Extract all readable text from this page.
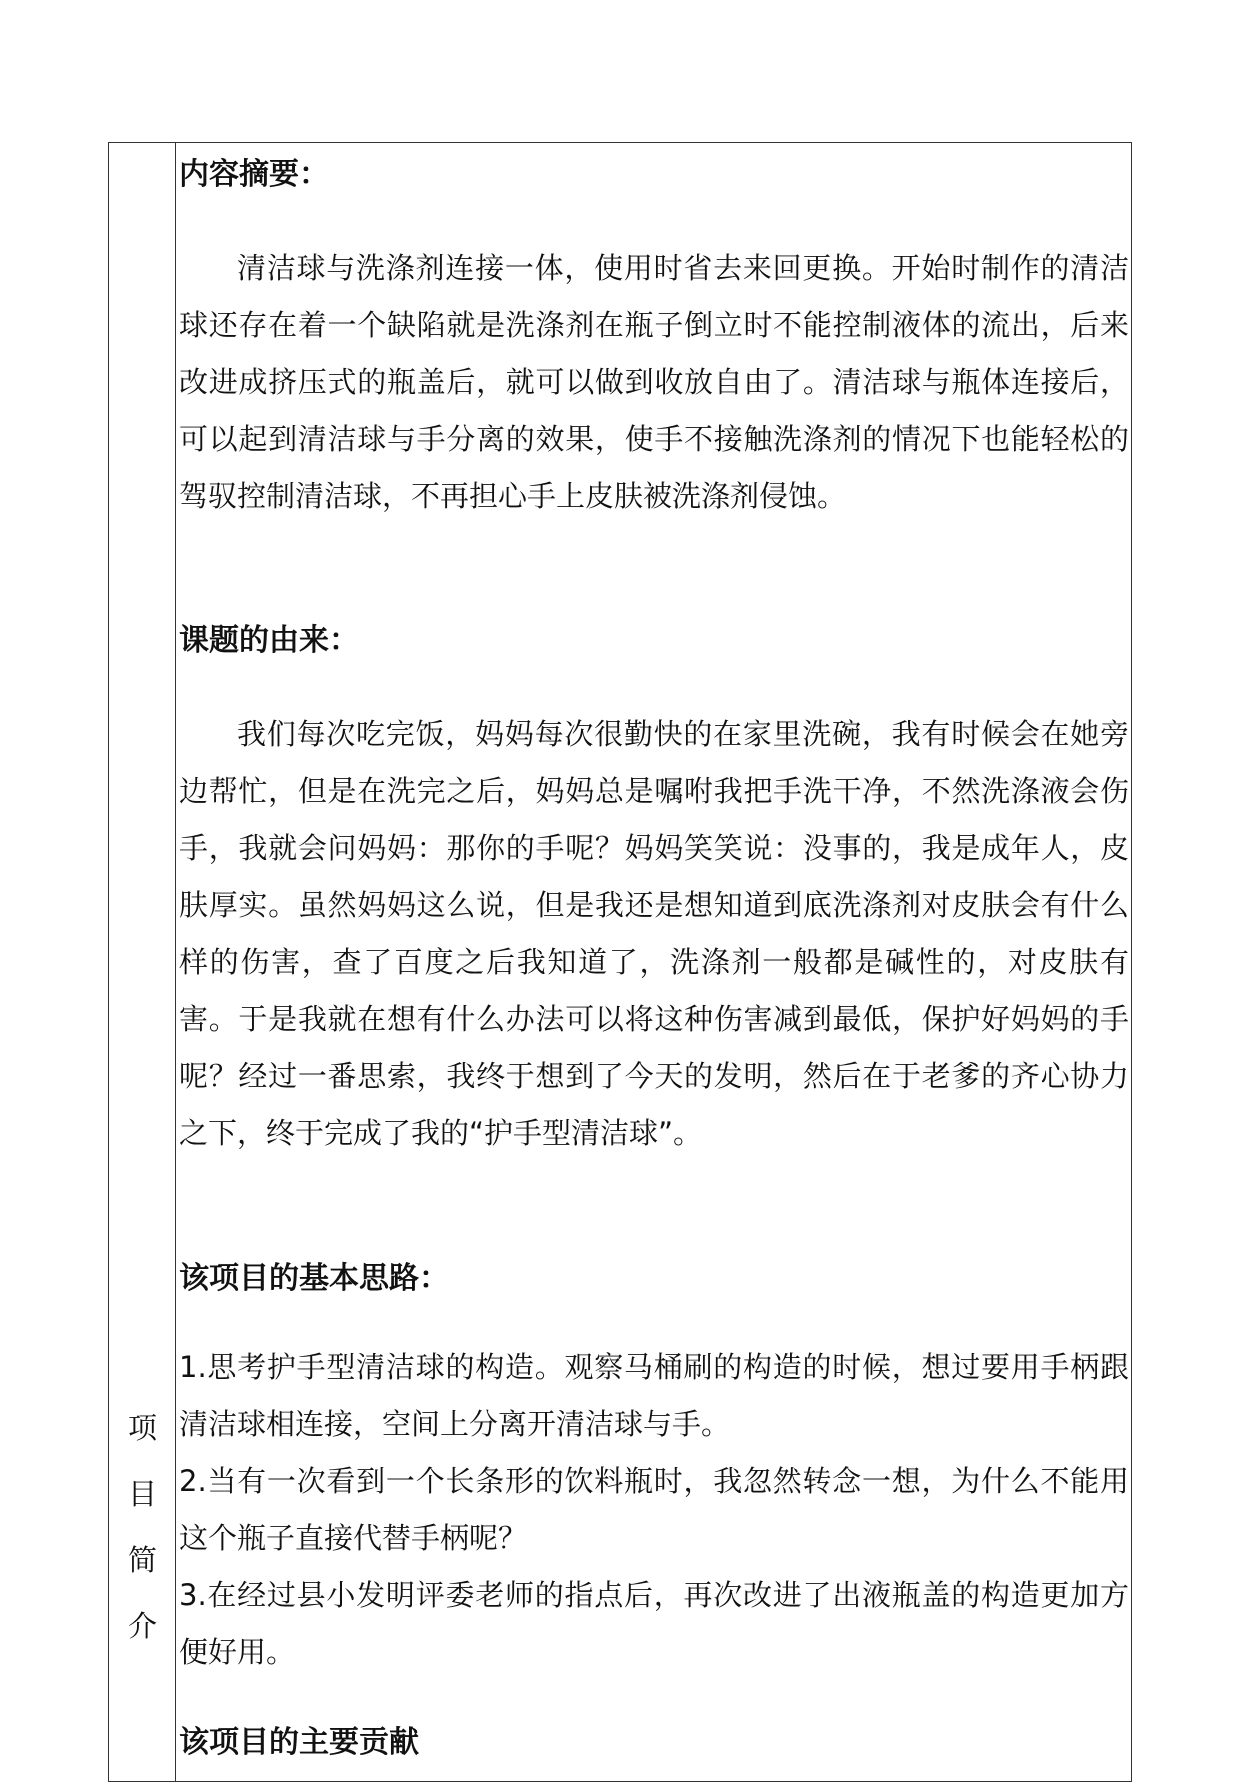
项
目
简
介
内容摘要：
清洁球与洗涤剂连接一体，使用时省去来回更换。开始时制作的清洁球还存在着一个缺陷就是洗涤剂在瓶子倒立时不能控制液体的流出，后来改进成挤压式的瓶盖后，就可以做到收放自由了。清洁球与瓶体连接后，可以起到清洁球与手分离的效果，使手不接触洗涤剂的情况下也能轻松的驾驭控制清洁球，不再担心手上皮肤被洗涤剂侵蚀。
课题的由来：
我们每次吃完饭，妈妈每次很勤快的在家里洗碗，我有时候会在她旁边帮忙，但是在洗完之后，妈妈总是嘱咐我把手洗干净，不然洗涤液会伤手，我就会问妈妈：那你的手呢？妈妈笑笑说：没事的，我是成年人，皮肤厚实。虽然妈妈这么说，但是我还是想知道到底洗涤剂对皮肤会有什么样的伤害，查了百度之后我知道了，洗涤剂一般都是碱性的，对皮肤有害。于是我就在想有什么办法可以将这种伤害减到最低，保护好妈妈的手呢？经过一番思索，我终于想到了今天的发明，然后在于老爹的齐心协力之下，终于完成了我的“护手型清洁球”。
该项目的基本思路：
1.思考护手型清洁球的构造。观察马桶刷的构造的时候，想过要用手柄跟清洁球相连接，空间上分离开清洁球与手。
2.当有一次看到一个长条形的饮料瓶时，我忽然转念一想，为什么不能用这个瓶子直接代替手柄呢？
3.在经过县小发明评委老师的指点后，再次改进了出液瓶盖的构造更加方便好用。
该项目的主要贡献
